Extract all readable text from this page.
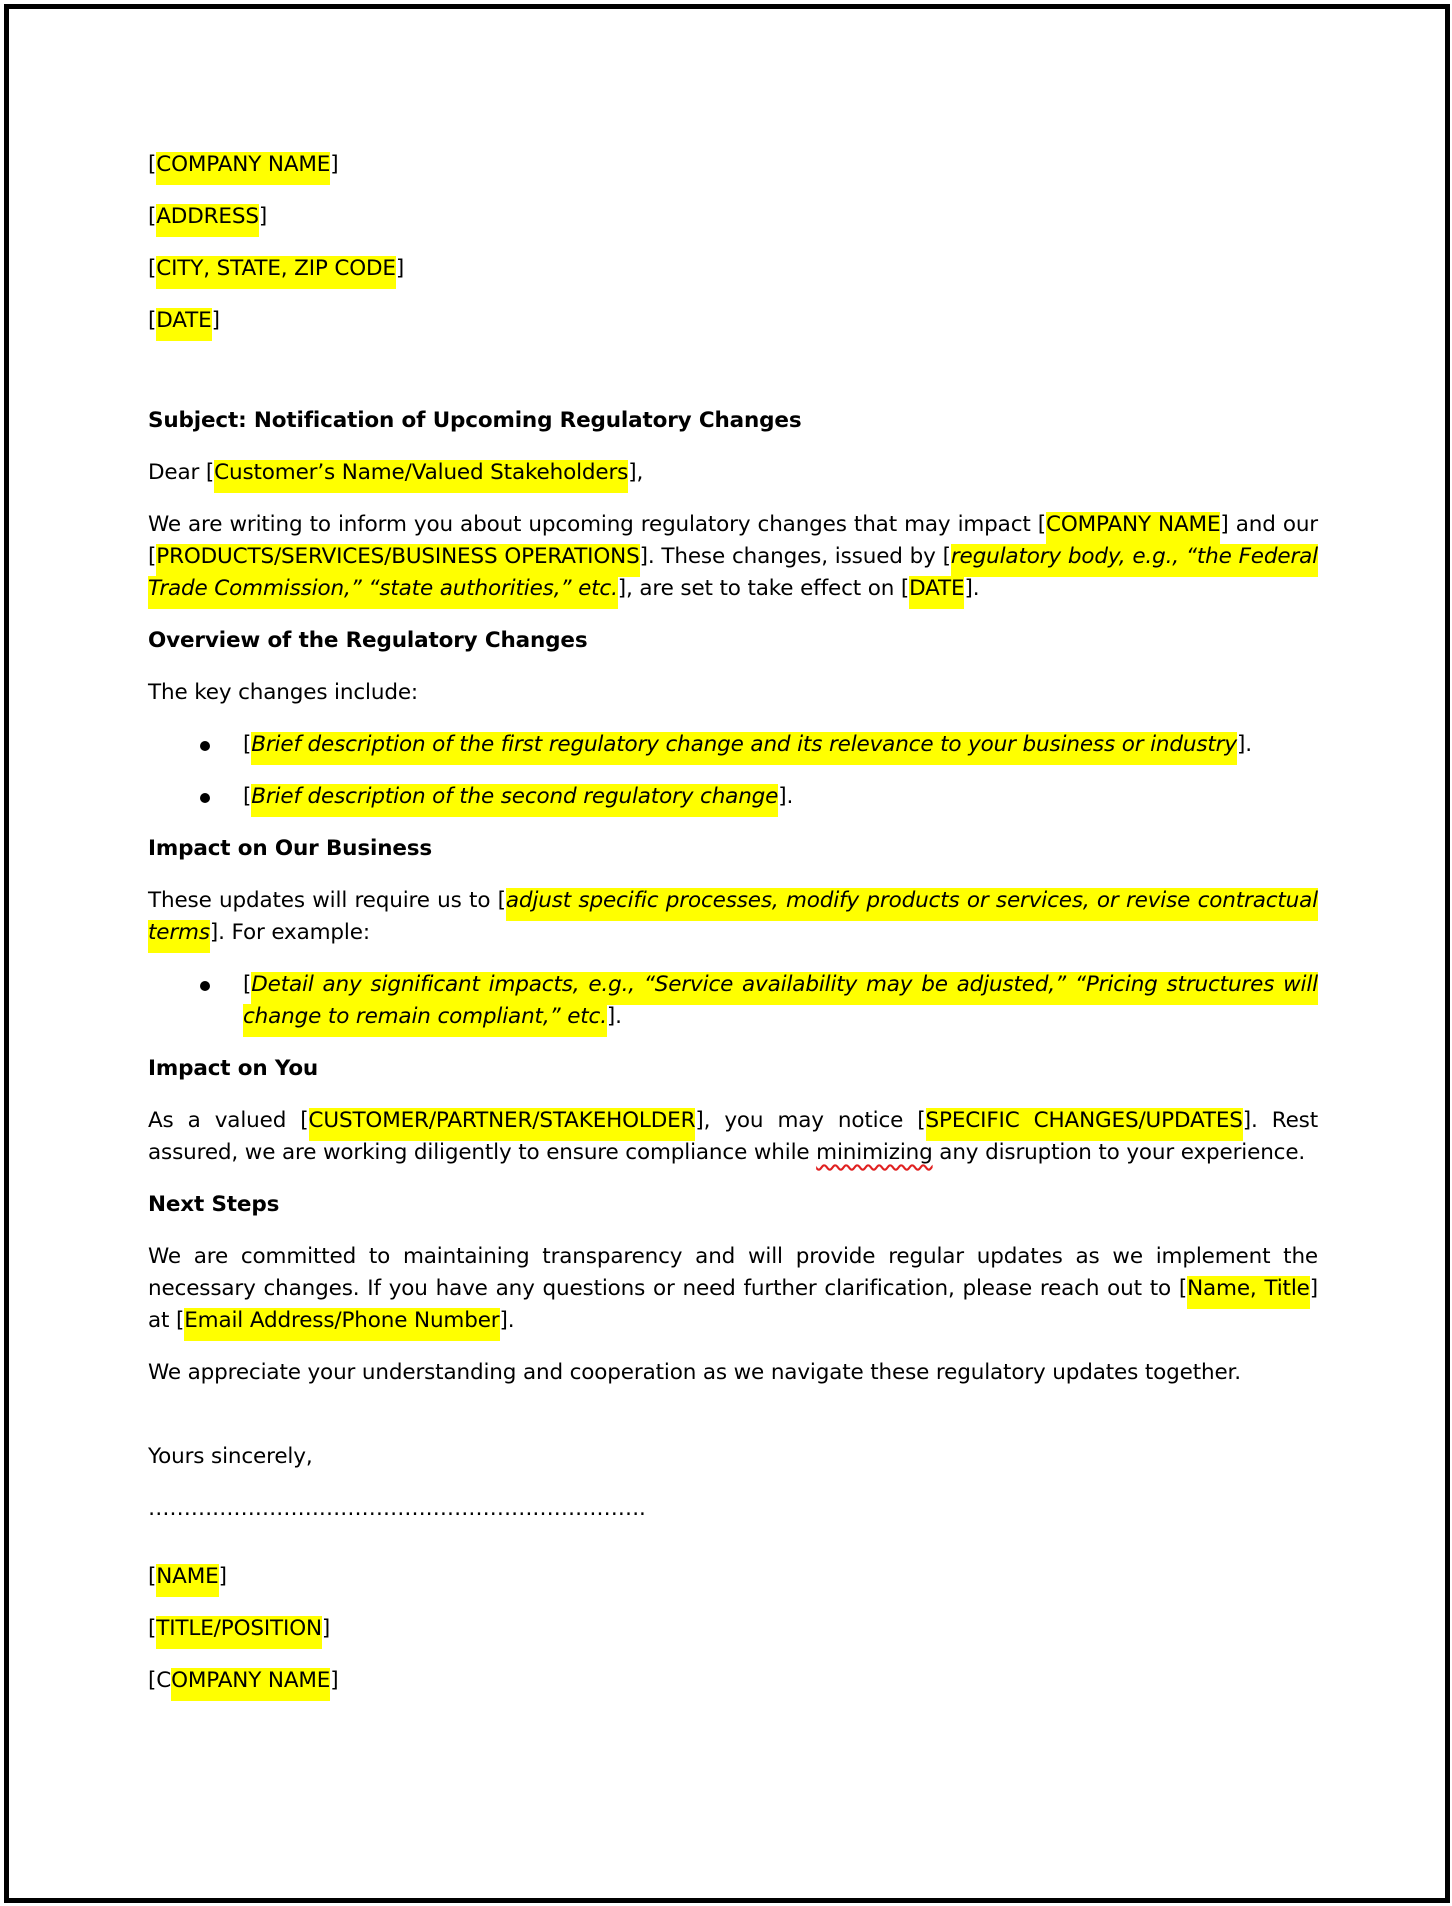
[COMPANY NAME]

[ADDRESS]

[CITY, STATE, ZIP CODE]

[DATE]

Subject: Notification of Upcoming Regulatory Changes

Dear [Customer’s Name/Valued Stakeholders],

We are writing to inform you about upcoming regulatory changes that may impact [COMPANY NAME] and our [PRODUCTS/SERVICES/BUSINESS OPERATIONS]. These changes, issued by [regulatory body, e.g., “the Federal Trade Commission,” “state authorities,” etc.], are set to take effect on [DATE].

Overview of the Regulatory Changes

The key changes include:

[Brief description of the first regulatory change and its relevance to your business or industry].
[Brief description of the second regulatory change].

Impact on Our Business

These updates will require us to [adjust specific processes, modify products or services, or revise contractual terms]. For example:

[Detail any significant impacts, e.g., “Service availability may be adjusted,” “Pricing structures will change to remain compliant,” etc.].

Impact on You

As a valued [CUSTOMER/PARTNER/STAKEHOLDER], you may notice [SPECIFIC CHANGES/UPDATES]. Rest assured, we are working diligently to ensure compliance while minimizing any disruption to your experience.

Next Steps

We are committed to maintaining transparency and will provide regular updates as we implement the necessary changes. If you have any questions or need further clarification, please reach out to [Name, Title] at [Email Address/Phone Number].

We appreciate your understanding and cooperation as we navigate these regulatory updates together.

Yours sincerely,

…………………………………………………………….

[NAME]

[TITLE/POSITION]

[COMPANY NAME]
